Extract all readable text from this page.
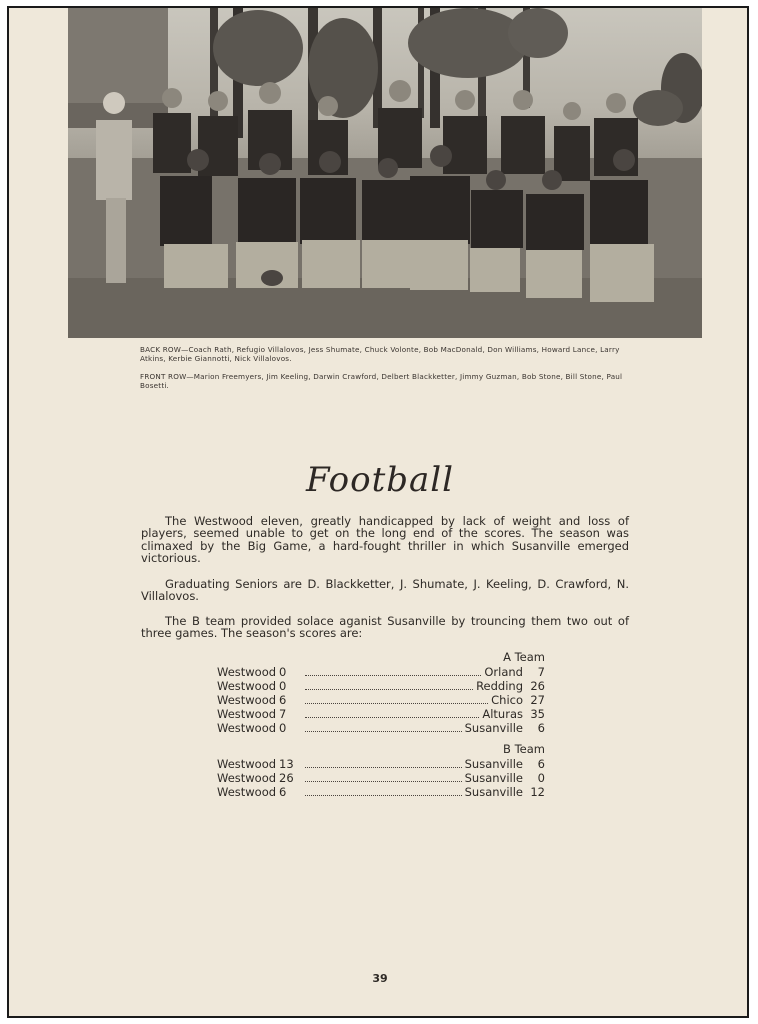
BACK ROW—Coach Rath, Refugio Villalovos, Jess Shumate, Chuck Volonte, Bob MacDonald, Don Williams, Howard Lance, Larry Atkins, Kerbie Giannotti, Nick Villalovos.
FRONT ROW—Marion Freemyers, Jim Keeling, Darwin Crawford, Delbert Blackketter, Jimmy Guzman, Bob Stone, Bill Stone, Paul Bosetti.
Football

The Westwood eleven, greatly handicapped by lack of weight and loss of players, seemed unable to get on the long end of the scores. The season was climaxed by the Big Game, a hard-fought thriller in which Susanville emerged victorious.

Graduating Seniors are D. Blackketter, J. Shumate, J. Keeling, D. Crawford, N. Villalovos.

The B team provided solace aganist Susanville by trouncing them two out of three games. The season's scores are:

A Team
Westwood 0	Orland	7
Westwood 0	Redding 26
Westwood 6	Chico 27
Westwood 7	Alturas 35
Westwood 0	Susanville	6
B Team
Westwood 13	Susanville	6
Westwood 26	Susanville	0
Westwood 6	Susanville 12
39
